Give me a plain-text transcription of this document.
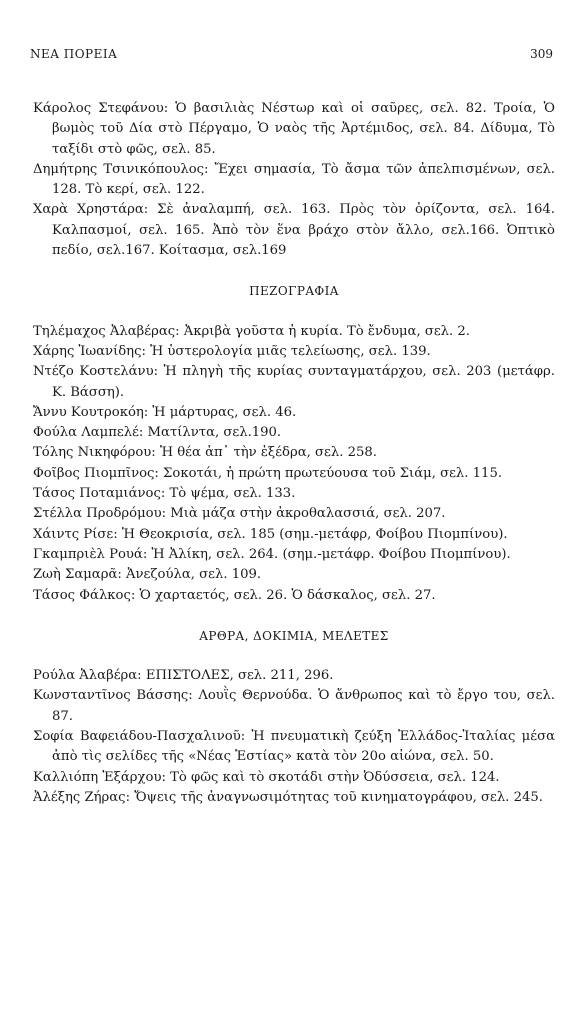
ΝΕΑ ΠΟΡΕΙΑ	309
Κάρολος Στεφάνου: Ὁ βασιλιὰς Νέστωρ καὶ οἱ σαῦρες, σελ. 82. Τροία, Ὁ βωμὸς τοῦ Δία στὸ Πέργαμο, Ὁ ναὸς τῆς Ἀρτέμιδος, σελ. 84. Δίδυμα, Τὸ ταξίδι στὸ φῶς, σελ. 85.
Δημήτρης Τσινικόπουλος: Ἔχει σημασία, Τὸ ἄσμα τῶν ἀπελπισμένων, σελ. 128. Τὸ κερί, σελ. 122.
Χαρὰ Χρηστάρα: Σὲ ἀναλαμπή, σελ. 163. Πρὸς τὸν ὁρίζοντα, σελ. 164. Καλπασμοί, σελ. 165. Ἀπὸ τὸν ἕνα βράχο στὸν ἄλλο, σελ.166. Ὀπτικὸ πεδίο, σελ.167. Κοίτασμα, σελ.169
ΠΕΖΟΓΡΑΦΙΑ
Τηλέμαχος Ἀλαβέρας: Ἀκριβὰ γοῦστα ἡ κυρία. Τὸ ἔνδυμα, σελ. 2.
Χάρης Ἰωανίδης: Ἡ ὑστερολογία μιᾶς τελείωσης, σελ. 139.
Ντέζο Κοστελάνυ: Ἡ πληγὴ τῆς κυρίας συνταγματάρχου, σελ. 203 (μετάφρ. Κ. Βάσση).
Ἄννυ Κουτροκόη: Ἡ μάρτυρας, σελ. 46.
Φούλα Λαμπελέ: Ματίλντα, σελ.190.
Τόλης Νικηφόρου: Ἡ θέα ἀπ᾿ τὴν ἐξέδρα, σελ. 258.
Φοῖβος Πιομπῖνος: Σοκοτάι, ἡ πρώτη πρωτεύουσα τοῦ Σιάμ, σελ. 115.
Τάσος Ποταμιάνος: Τὸ ψέμα, σελ. 133.
Στέλλα Προδρόμου: Μιὰ μάζα στὴν ἀκροθαλασσιά, σελ. 207.
Χάιντς Ρίσε: Ἡ Θεοκρισία, σελ. 185 (σημ.-μετάφρ, Φοίβου Πιομπίνου).
Γκαμπριὲλ Ρουά: Ἡ Ἀλίκη, σελ. 264. (σημ.-μετάφρ. Φοίβου Πιομπίνου).
Ζωὴ Σαμαρᾶ: Ἀνεζούλα, σελ. 109.
Τάσος Φάλκος: Ὁ χαρταετός, σελ. 26. Ὁ δάσκαλος, σελ. 27.
ΑΡΘΡΑ, ΔΟΚΙΜΙΑ, ΜΕΛΕΤΕΣ
Ρούλα Ἀλαβέρα: ΕΠΙΣΤΟΛΕΣ, σελ. 211, 296.
Κωνσταντῖνος Βάσσης: Λουῒς Θερνούδα. Ὁ ἄνθρωπος καὶ τὸ ἔργο του, σελ. 87.
Σοφία Βαφειάδου-Πασχαλινοῦ: Ἡ πνευματικὴ ζεύξη Ἑλλάδος-Ἰταλίας μέσα ἀπὸ τὶς σελίδες τῆς «Νέας Ἑστίας» κατὰ τὸν 20ο αἰώνα, σελ. 50.
Καλλιόπη Ἐξάρχου: Τὸ φῶς καὶ τὸ σκοτάδι στὴν Ὀδύσσεια, σελ. 124.
Ἀλέξης Ζήρας: Ὄψεις τῆς ἀναγνωσιμότητας τοῦ κινηματογράφου, σελ. 245.
